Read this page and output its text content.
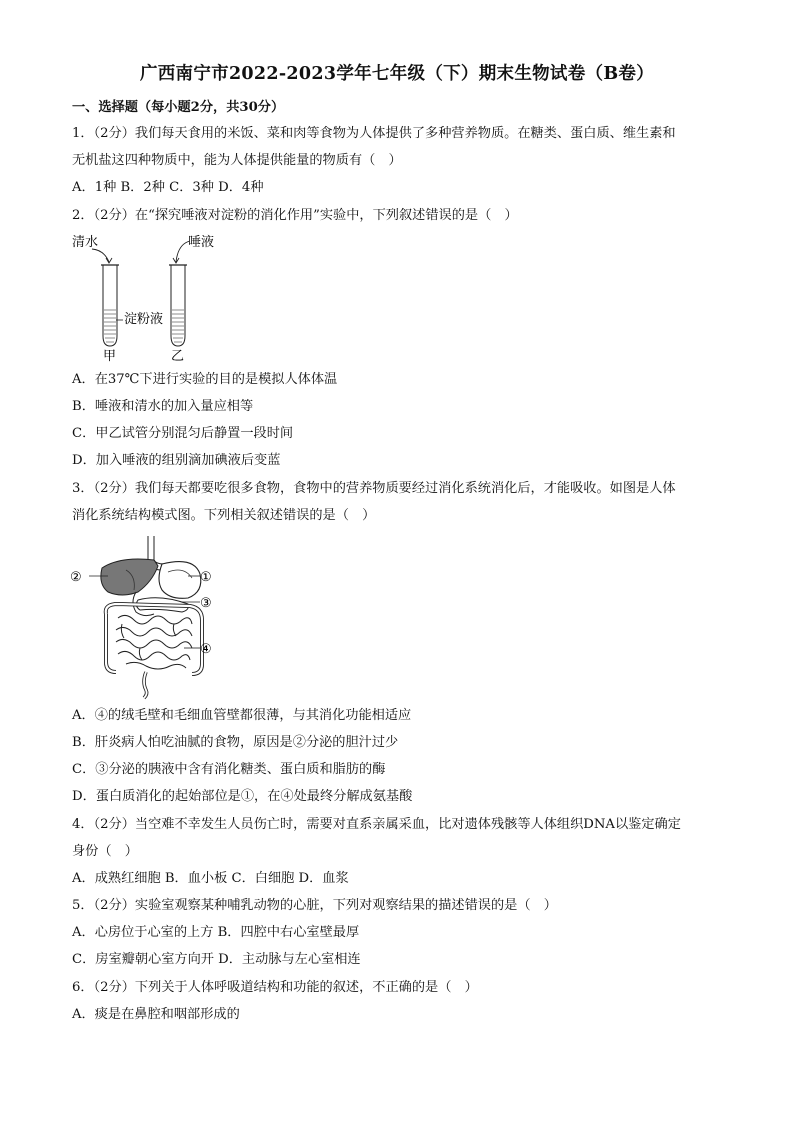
广西南宁市2022-2023学年七年级（下）期末生物试卷（B卷）
一、选择题（每小题2分，共30分）
1．（2分）我们每天食用的米饭、菜和肉等食物为人体提供了多种营养物质。在糖类、蛋白质、维生素和
无机盐这四种物质中，能为人体提供能量的物质有（　）
A．1种 B．2种 C．3种 D．4种
2．（2分）在“探究唾液对淀粉的消化作用”实验中，下列叙述错误的是（　）
清水	唾液
淀粉液
甲	乙
A．在37℃下进行实验的目的是模拟人体体温
B．唾液和清水的加入量应相等
C．甲乙试管分别混匀后静置一段时间
D．加入唾液的组别滴加碘液后变蓝
3．（2分）我们每天都要吃很多食物，食物中的营养物质要经过消化系统消化后，才能吸收。如图是人体
消化系统结构模式图。下列相关叙述错误的是（　）
②	①
③
④
A．④的绒毛壁和毛细血管壁都很薄，与其消化功能相适应
B．肝炎病人怕吃油腻的食物，原因是②分泌的胆汁过少
C．③分泌的胰液中含有消化糖类、蛋白质和脂肪的酶
D．蛋白质消化的起始部位是①，在④处最终分解成氨基酸
4．（2分）当空难不幸发生人员伤亡时，需要对直系亲属采血，比对遗体残骸等人体组织DNA以鉴定确定
身份（　）
A．成熟红细胞 B．血小板 C．白细胞 D．血浆
5．（2分）实验室观察某种哺乳动物的心脏，下列对观察结果的描述错误的是（　）
A．心房位于心室的上方 B．四腔中右心室壁最厚
C．房室瓣朝心室方向开 D．主动脉与左心室相连
6．（2分）下列关于人体呼吸道结构和功能的叙述，不正确的是（　）
A．痰是在鼻腔和咽部形成的
